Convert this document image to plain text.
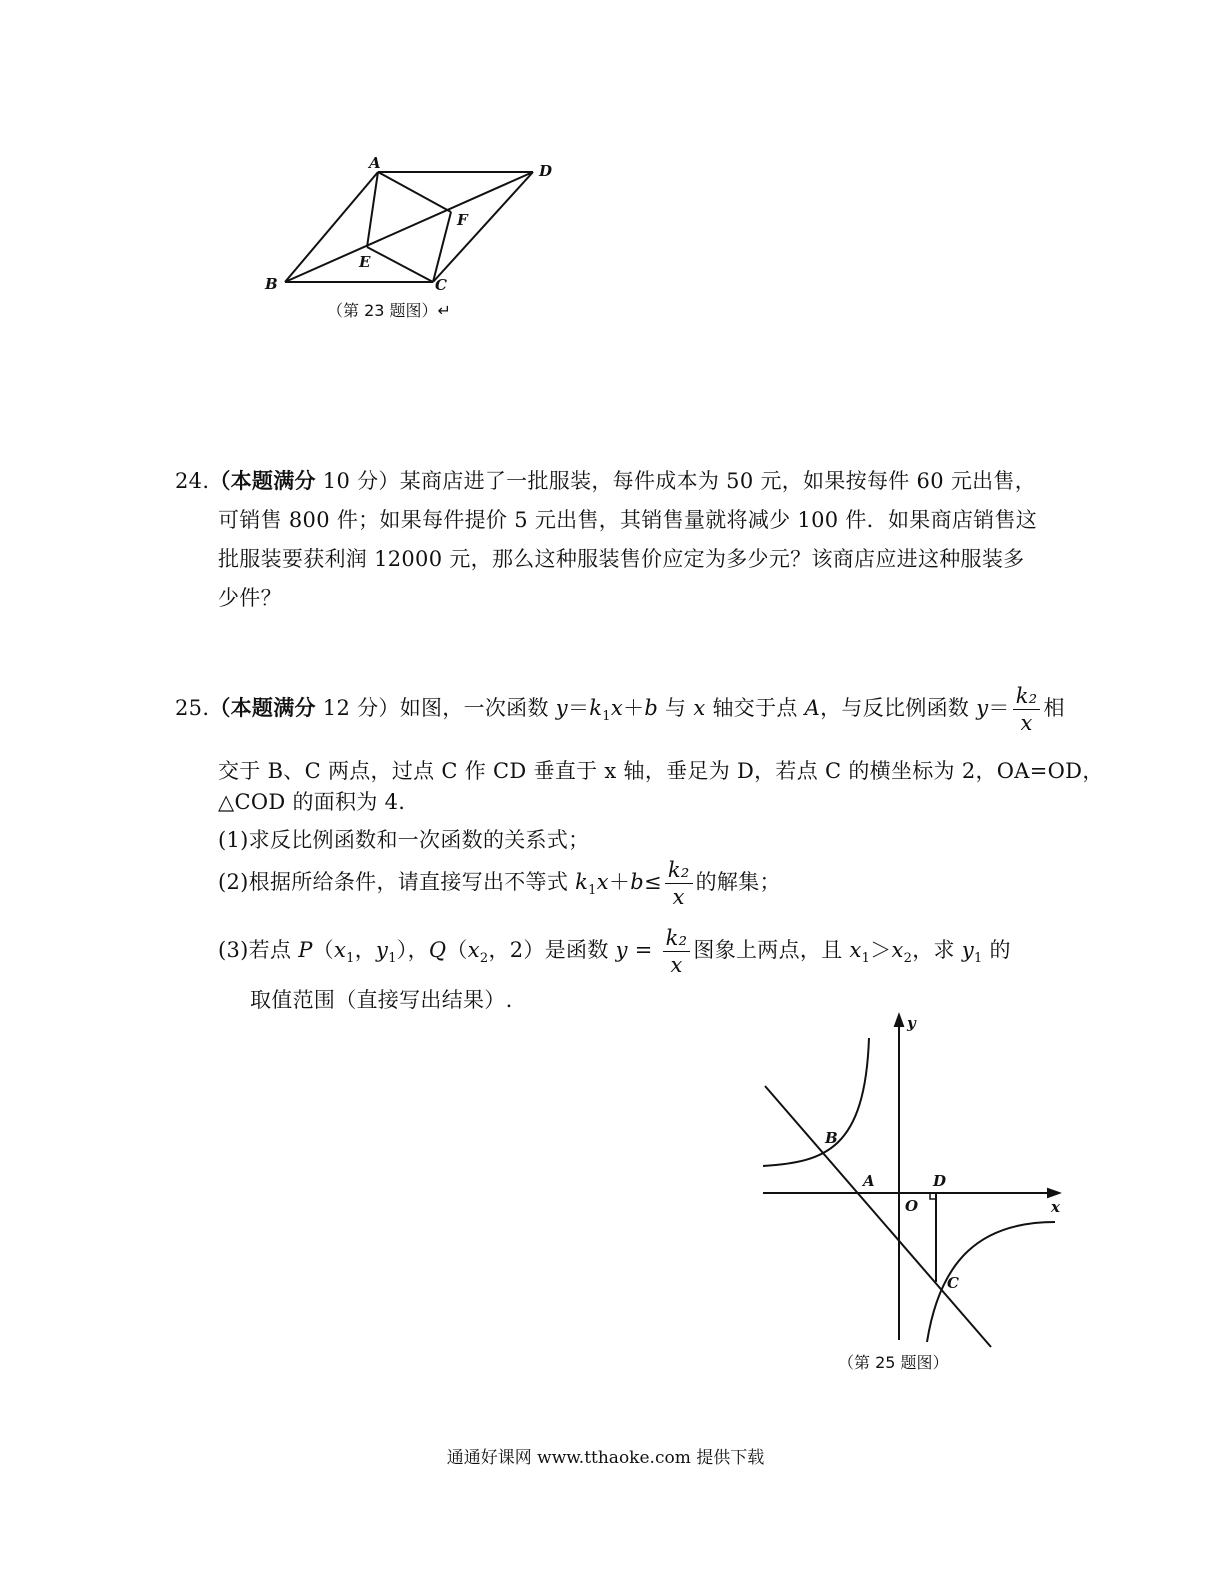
A	D
F
E
B	C
（第 23 题图）↵
24.（本题满分 10 分）某商店进了一批服装，每件成本为 50 元，如果按每件 60 元出售，
可销售 800 件；如果每件提价 5 元出售，其销售量就将减少 100 件．如果商店销售这
批服装要获利润 12000 元，那么这种服装售价应定为多少元？该商店应进这种服装多
少件？
25.（本题满分 12 分）如图，一次函数 $y=k_1x+b$ 与 x 轴交于点 A，与反比例函数 $y= \frac{\text{k₂}}{x}$ 相
交于 B、C 两点，过点 C 作 CD 垂直于 x 轴，垂足为 D，若点 C 的横坐标为 2，OA=OD，
△COD 的面积为 4.
(1)求反比例函数和一次函数的关系式；
(2)根据所给条件，请直接写出不等式 $k_1x+b\le \frac{\text{k₂}}{x}$ 的解集；
(3)若点 $P(x_1$，$y_1$），$Q(x_2$，2）是函数 $y = \frac{\text{k₂}}{x}$ 图象上两点，且 $x_1>x_2$，求 $y_1$ 的
取值范围（直接写出结果）.
y
B
A	D
O	x
C
（第 25 题图）
通通好课网 www.tthaoke.com 提供下载
